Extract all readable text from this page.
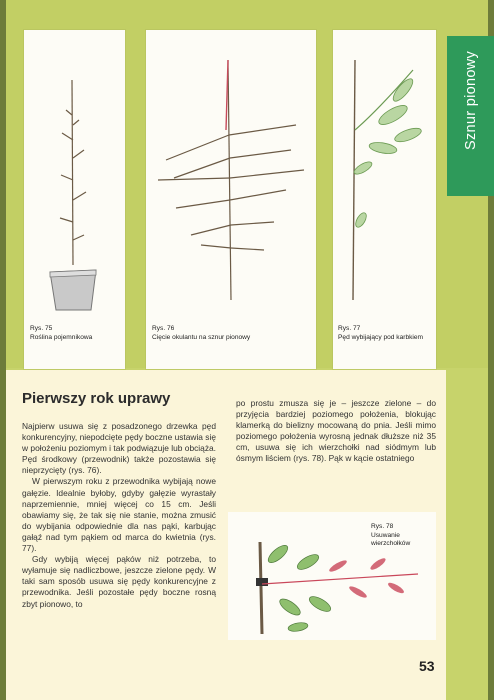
Rys. 75
Roślina pojemnikowa
Rys. 76
Cięcie okulantu na sznur pionowy
Rys. 77
Pęd wybijający pod karbkiem
Sznur pionowy
Pierwszy rok uprawy

Najpierw usuwa się z posadzonego drzewka pęd konkurencyjny, niepodcięte pędy boczne ustawia się w położeniu poziomym i tak podwiązuje lub obciąża. Pęd środkowy (przewodnik) także pozostawia się nieprzycięty (rys. 76).

W pierwszym roku z przewodnika wybijają nowe gałęzie. Idealnie byłoby, gdyby gałęzie wyrastały naprzemiennie, mniej więcej co 15 cm. Jeśli obawiamy się, że tak się nie stanie, można zmusić do wybijania odpowiednie dla nas pąki, karbując gałąź nad tym pąkiem od marca do kwietnia (rys. 77).

Gdy wybiją więcej pąków niż potrzeba, to wyłamuje się nadliczbowe, jeszcze zielone pędy. W taki sam sposób usuwa się pędy konkurencyjne z przewodnika. Jeśli pozostałe pędy boczne rosną zbyt pionowo, to

po prostu zmusza się je – jeszcze zielone – do przyjęcia bardziej poziomego położenia, blokując klamerką do bielizny mocowaną do pnia. Jeśli mimo poziomego położenia wyrosną jednak dłuższe niż 35 cm, usuwa się ich wierzchołki nad siódmym lub ósmym liściem (rys. 78). Pąk w kącie ostatniego

Rys. 78
Usuwanie wierzchołków
53
